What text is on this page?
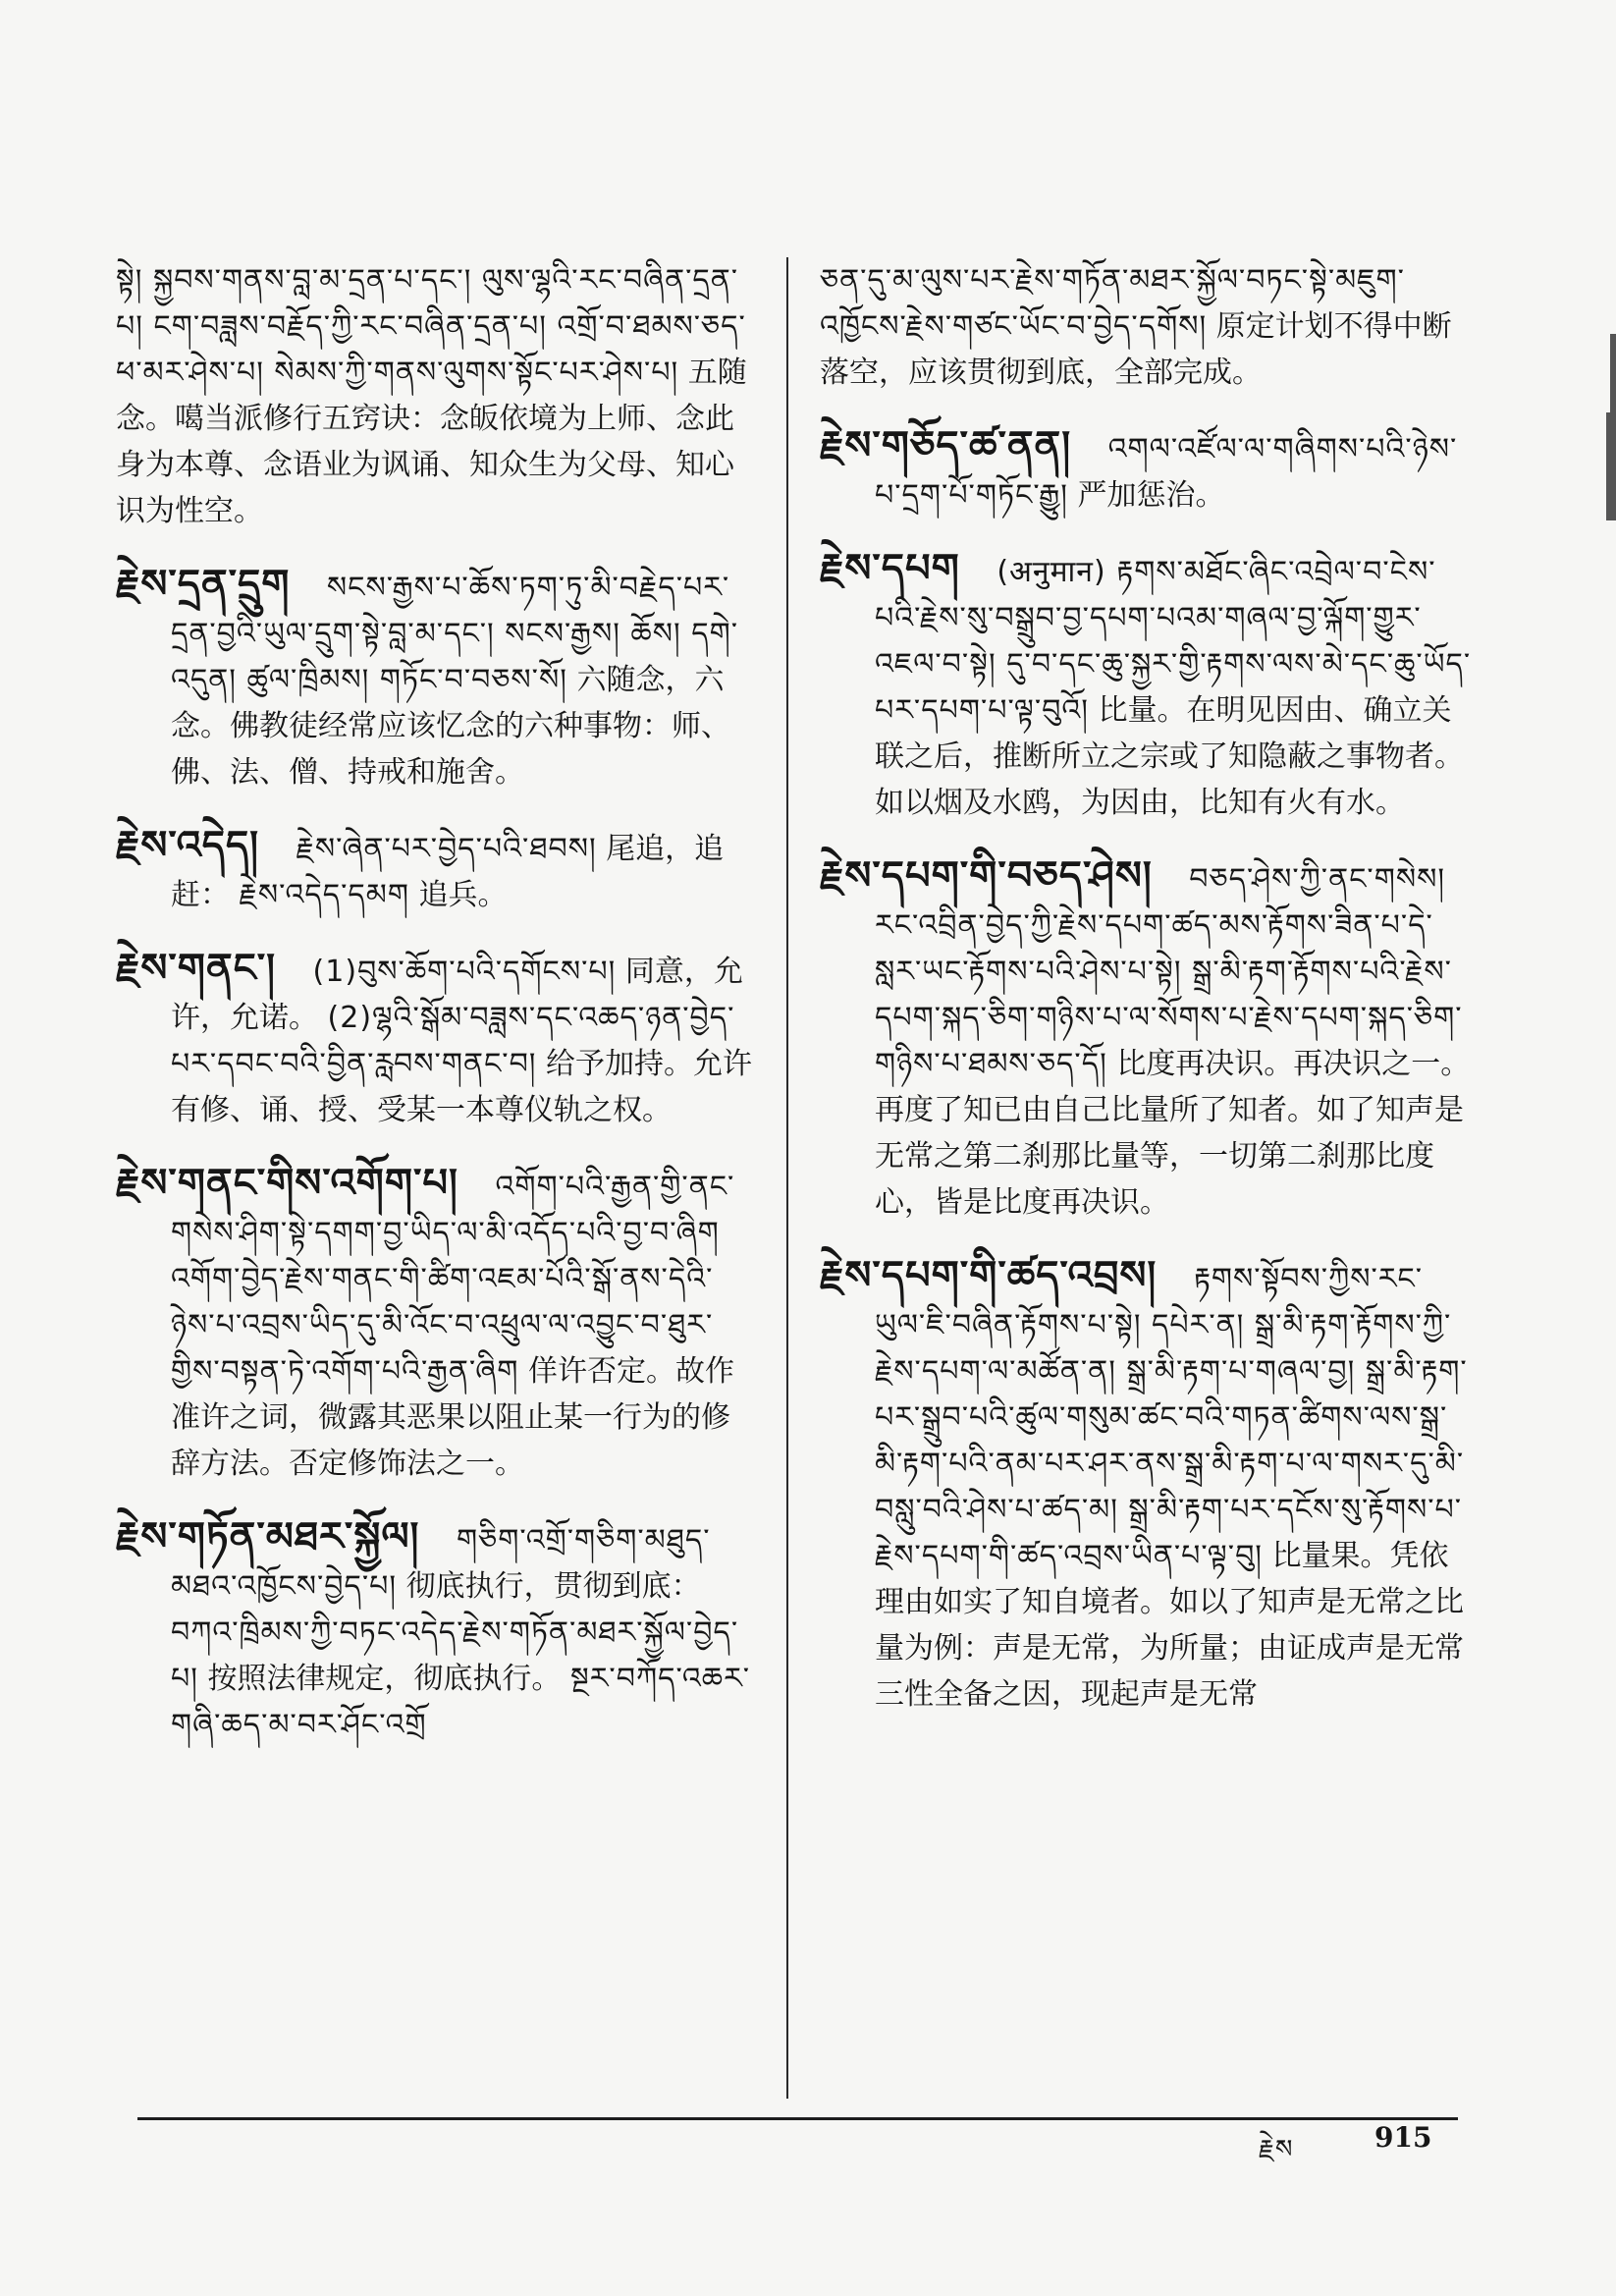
སྟེ། སྐྱབས་གནས་བླ་མ་དྲན་པ་དང་། ལུས་ལྷའི་རང་བཞིན་དྲན་པ། ངག་བཟླས་བརྗོད་ཀྱི་རང་བཞིན་དྲན་པ། འགྲོ་བ་ཐམས་ཅད་ཕ་མར་ཤེས་པ། སེམས་ཀྱི་གནས་ལུགས་སྟོང་པར་ཤེས་པ། 五随念。噶当派修行五窍诀：念皈依境为上师、念此身为本尊、念语业为讽诵、知众生为父母、知心识为性空。

རྗེས་དྲན་དྲུག སངས་རྒྱས་པ་ཆོས་ཏག་ཏུ་མི་བརྗེད་པར་དྲན་བྱའི་ཡུལ་དྲུག་སྟེ་བླ་མ་དང་། སངས་རྒྱས། ཆོས། དགེ་འདུན། ཚུལ་ཁྲིམས། གཏོང་བ་བཅས་སོ། 六随念，六念。佛教徒经常应该忆念的六种事物：师、佛、法、僧、持戒和施舍。

རྗེས་འདེད། རྗེས་ཞེན་པར་བྱེད་པའི་ཐབས། 尾追，追赶： རྗེས་འདེད་དམག 追兵。

རྗེས་གནང་། (1)བུས་ཆོག་པའི་དགོངས་པ། 同意，允许，允诺。 (2)ལྷའི་སྒོམ་བཟླས་དང་འཆད་ཉན་བྱེད་པར་དབང་བའི་བྱིན་རླབས་གནང་བ། 给予加持。允许有修、诵、授、受某一本尊仪轨之权。

རྗེས་གནང་གིས་འགོག་པ། འགོག་པའི་རྒྱན་གྱི་ནང་གསེས་ཤིག་སྟེ་དགག་བྱ་ཡིད་ལ་མི་འདོད་པའི་བྱ་བ་ཞིག འགོག་བྱེད་རྗེས་གནང་གི་ཚིག་འཇམ་པོའི་སྒོ་ནས་དེའི་ཉེས་པ་འབྲས་ཡིད་དུ་མི་འོང་བ་འཕྲུལ་ལ་འབྱུང་བ་ཐུར་གྱིས་བསྟན་ཏེ་འགོག་པའི་རྒྱན་ཞིག 佯许否定。故作准许之词，微露其恶果以阻止某一行为的修辞方法。否定修饰法之一。

རྗེས་གཏོན་མཐར་སྐྱོལ། གཅིག་འགྲོ་གཅིག་མཐུད་མཐའ་འཁྱོངས་བྱེད་པ། 彻底执行，贯彻到底： བཀའ་ཁྲིམས་ཀྱི་བཏང་འདེད་རྗེས་གཏོན་མཐར་སྐྱོལ་བྱེད་པ། 按照法律规定，彻底执行。 སྔར་བཀོད་འཆར་གཞི་ཆད་མ་བར་ཤོང་འགྲོ

ཅན་དུ་མ་ལུས་པར་རྗེས་གཏོན་མཐར་སྐྱོལ་བཏང་སྟེ་མཇུག་འཁྱོངས་རྗེས་གཙང་ཡོང་བ་བྱེད་དགོས། 原定计划不得中断落空，应该贯彻到底，全部完成。

རྗེས་གཅོད་ཚ་ནན། འགལ་འཛོལ་ལ་གཞིགས་པའི་ཉེས་པ་དྲག་པོ་གཏོང་རྒྱུ། 严加惩治。

རྗེས་དཔག (अनुमान) རྟགས་མཐོང་ཞིང་འབྲེལ་བ་ངེས་པའི་རྗེས་སུ་བསྒྲུབ་བྱ་དཔག་པའམ་གཞལ་བྱ་ལྐོག་གྱུར་འཇལ་བ་སྟེ། དུ་བ་དང་ཆུ་སྐྱར་གྱི་རྟགས་ལས་མེ་དང་ཆུ་ཡོད་པར་དཔག་པ་ལྟ་བུའོ། 比量。在明见因由、确立关联之后，推断所立之宗或了知隐蔽之事物者。如以烟及水鸥，为因由，比知有火有水。

རྗེས་དཔག་གི་བཅད་ཤེས། བཅད་ཤེས་ཀྱི་ནང་གསེས། རང་འབྲིན་བྱེད་ཀྱི་རྗེས་དཔག་ཚད་མས་རྟོགས་ཟིན་པ་དེ་སླར་ཡང་རྟོགས་པའི་ཤེས་པ་སྟེ། སྒྲ་མི་རྟག་རྟོགས་པའི་རྗེས་དཔག་སྐད་ཅིག་གཉིས་པ་ལ་སོགས་པ་རྗེས་དཔག་སྐད་ཅིག་གཉིས་པ་ཐམས་ཅད་དོ། 比度再决识。再决识之一。再度了知已由自己比量所了知者。如了知声是无常之第二刹那比量等，一切第二刹那比度心，皆是比度再决识。

རྗེས་དཔག་གི་ཚད་འབྲས། རྟགས་སྟོབས་ཀྱིས་རང་ཡུལ་ཇི་བཞིན་རྟོགས་པ་སྟེ། དཔེར་ན། སྒྲ་མི་རྟག་རྟོགས་ཀྱི་རྗེས་དཔག་ལ་མཚོན་ན། སྒྲ་མི་རྟག་པ་གཞལ་བྱ། སྒྲ་མི་རྟག་པར་སྒྲུབ་པའི་ཚུལ་གསུམ་ཚང་བའི་གཏན་ཚིགས་ལས་སྒྲ་མི་རྟག་པའི་ནམ་པར་ཤར་ནས་སྒྲ་མི་རྟག་པ་ལ་གསར་དུ་མི་བསླུ་བའི་ཤེས་པ་ཚད་མ། སྒྲ་མི་རྟག་པར་དངོས་སུ་རྟོགས་པ་རྗེས་དཔག་གི་ཚད་འབྲས་ཡིན་པ་ལྟ་བུ། 比量果。凭依理由如实了知自境者。如以了知声是无常之比量为例：声是无常，为所量；由证成声是无常三性全备之因，现起声是无常

རྗེས	915
